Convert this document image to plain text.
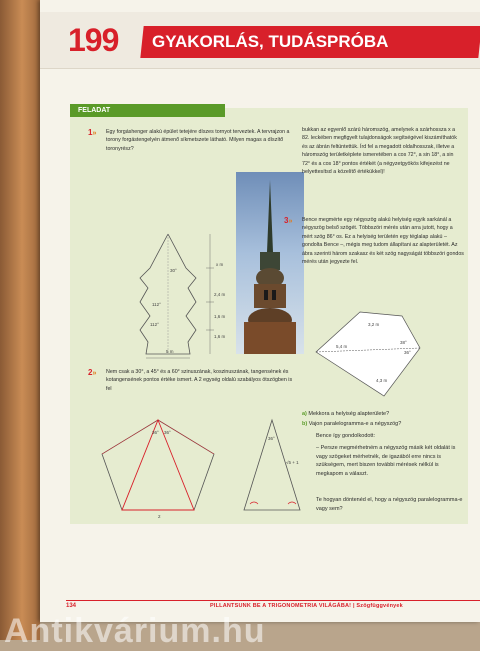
199	GYAKORLÁS, TUDÁSPRÓBA
FELADAT
1» Egy forgáshenger alakú épület tetejére díszes tornyot terveztek. A tervrajzon a torony forgástengelyén átmenő síkmetszete látható. Milyen magas a díszítő toronyrész?
30°
x m
2,4 m
1,6 m
1,6 m
5 m
112°
112°
bukkan az egyenlő szárú háromszög, amelynek a szárhossza x a 82. leckében megfigyelt tulajdonságok segítségével kiszámíthatók és az ábrán feltüntettük. Írd fel a megadott oldalhosszak, illetve a háromszög területképlete ismeretében a cos 72°, a sin 18°, a sin 72° és a cos 18° pontos értékét (a négyzetgyökös kifejezést ne helyettesítsd a közelítő értékükkel)!
3» Bence megmérte egy négyszög alakú helyiség egyik sarkánál a négyszög belső szögét. Többszöri mérés után arra jutott, hogy a mért szög 86° os. Ez a helyiség területén egy téglalap alakú – gondolta Bence –, mégis meg tudom állapítani az alapterületét. Az ábra szerinti három szakasz és két szög nagyságát többszöri gondos mérés után jegyezte fel.
3,2 m
5,4 m
38°
36°
4,3 m
2» Nem csak a 30°, a 45° és a 60° szinuszának, koszinuszának, tangensének és kotangensének pontos értéke ismert. A 2 egység oldalú szabályos ötszögben is fel
36° 36°
2
36°
√5 + 1
a) Mekkora a helyiség alapterülete?
b) Vajon paralelogramma-e a négyszög?
Bence így gondolkodott:
– Persze megmérhetném a négyszög másik két oldalát is vagy szögeket mérhetnék, de igazából erre nincs is szükségem, mert biszen további mérések nélkül is megkapom a választ.
Te hogyan döntenéd el, hogy a négyszög paralelogramma-e vagy sem?
134	PILLANTSUNK BE A TRIGONOMETRIA VILÁGÁBA! | Szögfüggvények
Antikvárium.hu
